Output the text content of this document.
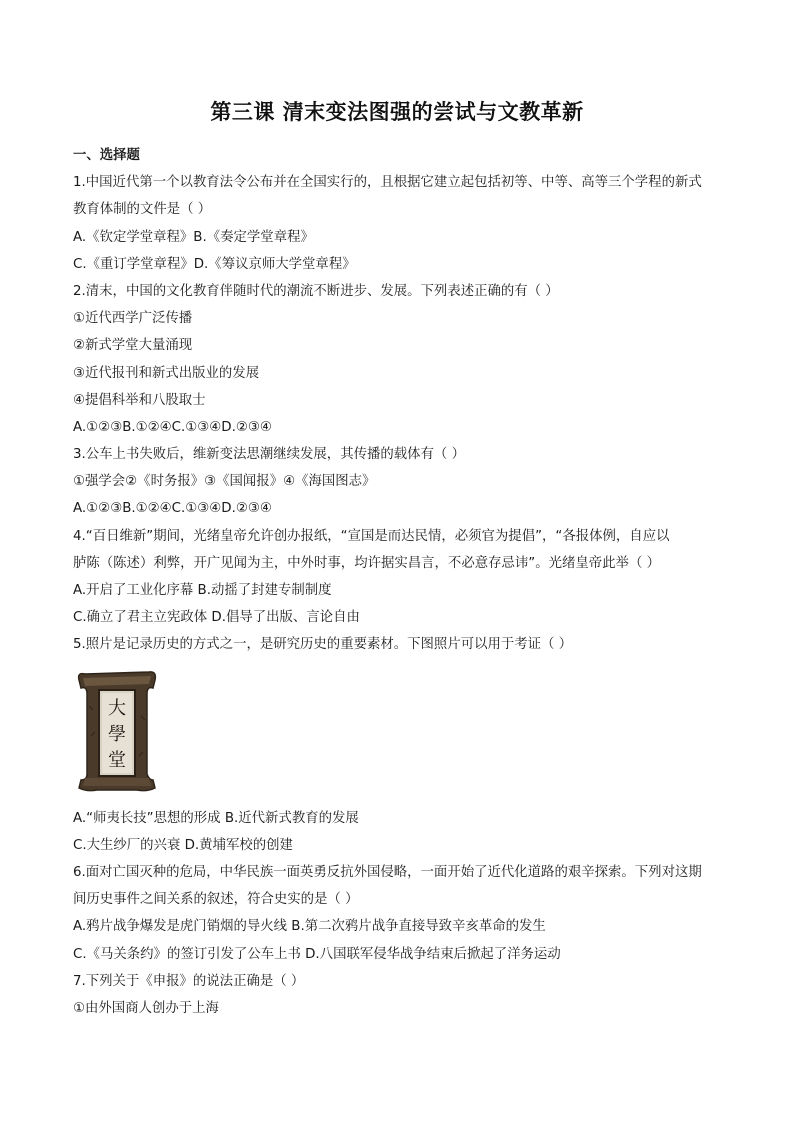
第三课 清末变法图强的尝试与文教革新
一、选择题
1.中国近代第一个以教育法令公布并在全国实行的，且根据它建立起包括初等、中等、高等三个学程的新式
教育体制的文件是（ ）
A.《钦定学堂章程》B.《奏定学堂章程》
C.《重订学堂章程》D.《筹议京师大学堂章程》
2.清末，中国的文化教育伴随时代的潮流不断进步、发展。下列表述正确的有（ ）
①近代西学广泛传播
②新式学堂大量涌现
③近代报刊和新式出版业的发展
④提倡科举和八股取士
A.①②③B.①②④C.①③④D.②③④
3.公车上书失败后，维新变法思潮继续发展，其传播的载体有（ ）
①强学会②《时务报》③《国闻报》④《海国图志》
A.①②③B.①②④C.①③④D.②③④
4.“百日维新”期间，光绪皇帝允许创办报纸，“宣国是而达民情，必须官为提倡”，“各报体例，自应以
胪陈（陈述）利弊，开广见闻为主，中外时事，均许据实昌言，不必意存忌讳”。光绪皇帝此举（ ）
A.开启了工业化序幕 B.动摇了封建专制制度
C.确立了君主立宪政体 D.倡导了出版、言论自由
5.照片是记录历史的方式之一，是研究历史的重要素材。下图照片可以用于考证（ ）
大
學
堂
A.“师夷长技”思想的形成 B.近代新式教育的发展
C.大生纱厂的兴衰 D.黄埔军校的创建
6.面对亡国灭种的危局，中华民族一面英勇反抗外国侵略，一面开始了近代化道路的艰辛探索。下列对这期
间历史事件之间关系的叙述，符合史实的是（ ）
A.鸦片战争爆发是虎门销烟的导火线 B.第二次鸦片战争直接导致辛亥革命的发生
C.《马关条约》的签订引发了公车上书 D.八国联军侵华战争结束后掀起了洋务运动
7.下列关于《申报》的说法正确是（ ）
①由外国商人创办于上海
